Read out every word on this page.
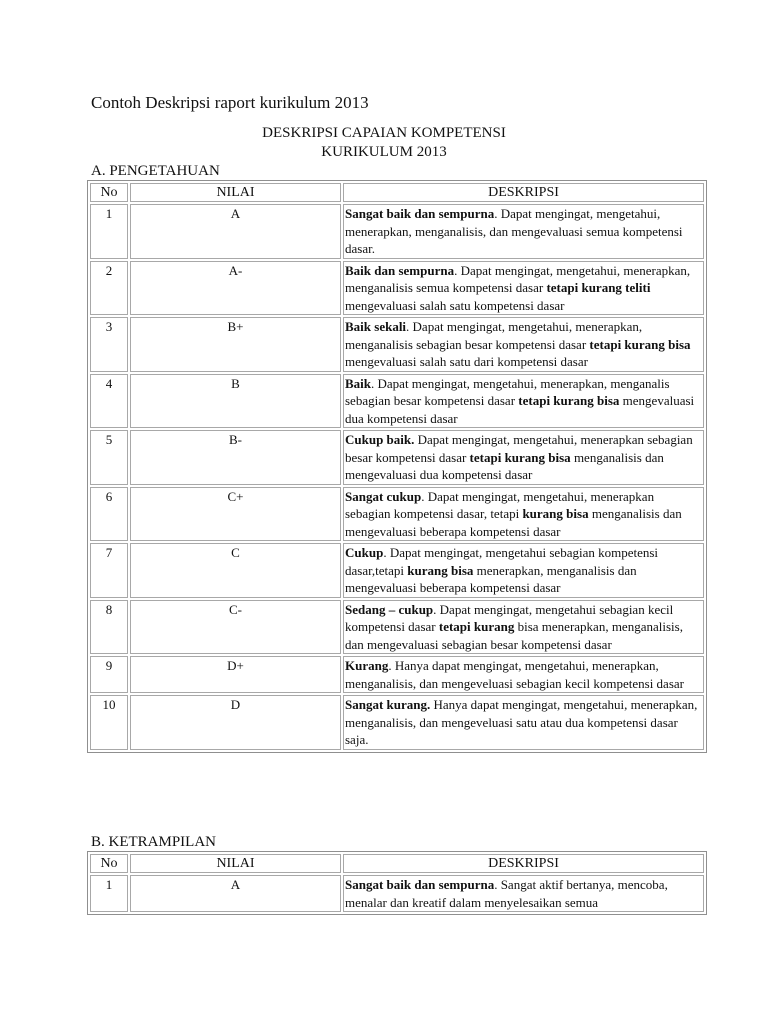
Contoh Deskripsi raport kurikulum 2013
DESKRIPSI CAPAIAN KOMPETENSI
KURIKULUM 2013
A. PENGETAHUAN
No	NILAI	DESKRIPSI
1	A	Sangat baik dan sempurna. Dapat mengingat, mengetahui, menerapkan, menganalisis, dan mengevaluasi semua kompetensi dasar.
2	A-	Baik dan sempurna. Dapat mengingat, mengetahui, menerapkan, menganalisis semua kompetensi dasar tetapi kurang teliti mengevaluasi salah satu kompetensi dasar
3	B+	Baik sekali. Dapat mengingat, mengetahui, menerapkan, menganalisis sebagian besar kompetensi dasar tetapi kurang bisa mengevaluasi salah satu dari kompetensi dasar
4	B	Baik. Dapat mengingat, mengetahui, menerapkan, menganalis sebagian besar kompetensi dasar tetapi kurang bisa mengevaluasi dua kompetensi dasar
5	B-	Cukup baik. Dapat mengingat, mengetahui, menerapkan sebagian besar kompetensi dasar tetapi kurang bisa menganalisis dan mengevaluasi dua kompetensi dasar
6	C+	Sangat cukup. Dapat mengingat, mengetahui, menerapkan sebagian kompetensi dasar, tetapi kurang bisa menganalisis dan mengevaluasi beberapa kompetensi dasar
7	C	Cukup. Dapat mengingat, mengetahui sebagian kompetensi dasar,tetapi kurang bisa menerapkan, menganalisis dan mengevaluasi beberapa kompetensi dasar
8	C-	Sedang – cukup. Dapat mengingat, mengetahui sebagian kecil kompetensi dasar tetapi kurang bisa menerapkan, menganalisis, dan mengevaluasi sebagian besar kompetensi dasar
9	D+	Kurang. Hanya dapat mengingat, mengetahui, menerapkan, menganalisis, dan mengeveluasi sebagian kecil kompetensi dasar
10	D	Sangat kurang. Hanya dapat mengingat, mengetahui, menerapkan, menganalisis, dan mengeveluasi satu atau dua kompetensi dasar saja.
B. KETRAMPILAN
No	NILAI	DESKRIPSI
1	A	Sangat baik dan sempurna. Sangat aktif bertanya, mencoba, menalar dan kreatif dalam menyelesaikan semua
